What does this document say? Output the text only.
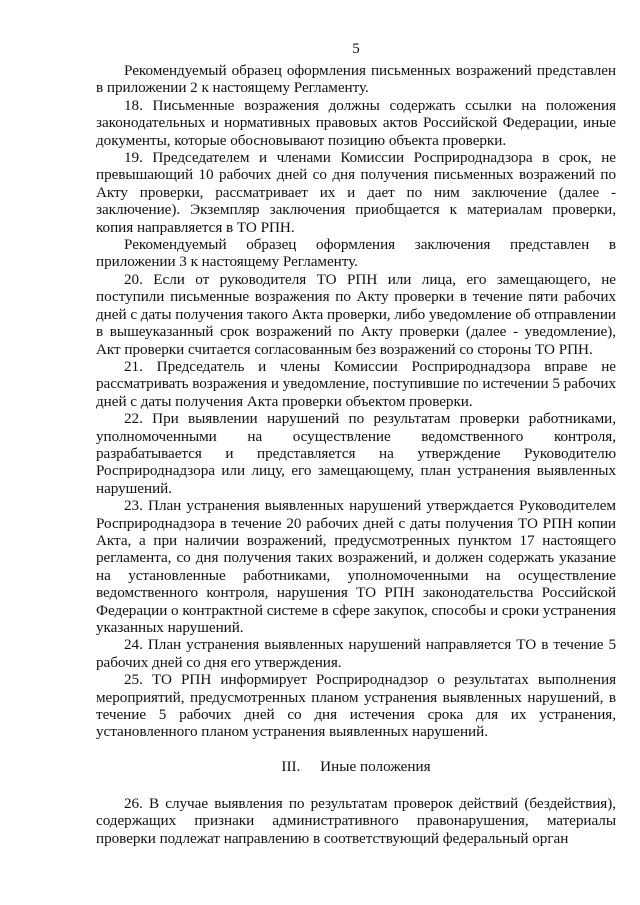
5

Рекомендуемый образец оформления письменных возражений представлен в приложении 2 к настоящему Регламенту.

18. Письменные возражения должны содержать ссылки на положения законодательных и нормативных правовых актов Российской Федерации, иные документы, которые обосновывают позицию объекта проверки.

19. Председателем и членами Комиссии Росприроднадзора в срок, не превышающий 10 рабочих дней со дня получения письменных возражений по Акту проверки, рассматривает их и дает по ним заключение (далее - заключение). Экземпляр заключения приобщается к материалам проверки, копия направляется в ТО РПН.

Рекомендуемый образец оформления заключения представлен в приложении 3 к настоящему Регламенту.

20. Если от руководителя ТО РПН или лица, его замещающего, не поступили письменные возражения по Акту проверки в течение пяти рабочих дней с даты получения такого Акта проверки, либо уведомление об отправлении в вышеуказанный срок возражений по Акту проверки (далее - уведомление), Акт проверки считается согласованным без возражений со стороны ТО РПН.

21. Председатель и члены Комиссии Росприроднадзора вправе не рассматривать возражения и уведомление, поступившие по истечении 5 рабочих дней с даты получения Акта проверки объектом проверки.

22. При выявлении нарушений по результатам проверки работниками, уполномоченными на осуществление ведомственного контроля, разрабатывается и представляется на утверждение Руководителю Росприроднадзора или лицу, его замещающему, план устранения выявленных нарушений.

23. План устранения выявленных нарушений утверждается Руководителем Росприроднадзора в течение 20 рабочих дней с даты получения ТО РПН копии Акта, а при наличии возражений, предусмотренных пунктом 17 настоящего регламента, со дня получения таких возражений, и должен содержать указание на установленные работниками, уполномоченными на осуществление ведомственного контроля, нарушения ТО РПН законодательства Российской Федерации о контрактной системе в сфере закупок, способы и сроки устранения указанных нарушений.

24. План устранения выявленных нарушений направляется ТО в течение 5 рабочих дней со дня его утверждения.

25. ТО РПН информирует Росприроднадзор о результатах выполнения мероприятий, предусмотренных планом устранения выявленных нарушений, в течение 5 рабочих дней со дня истечения срока для их устранения, установленного планом устранения выявленных нарушений.

III. Иные положения

26. В случае выявления по результатам проверок действий (бездействия), содержащих признаки административного правонарушения, материалы проверки подлежат направлению в соответствующий федеральный орган
